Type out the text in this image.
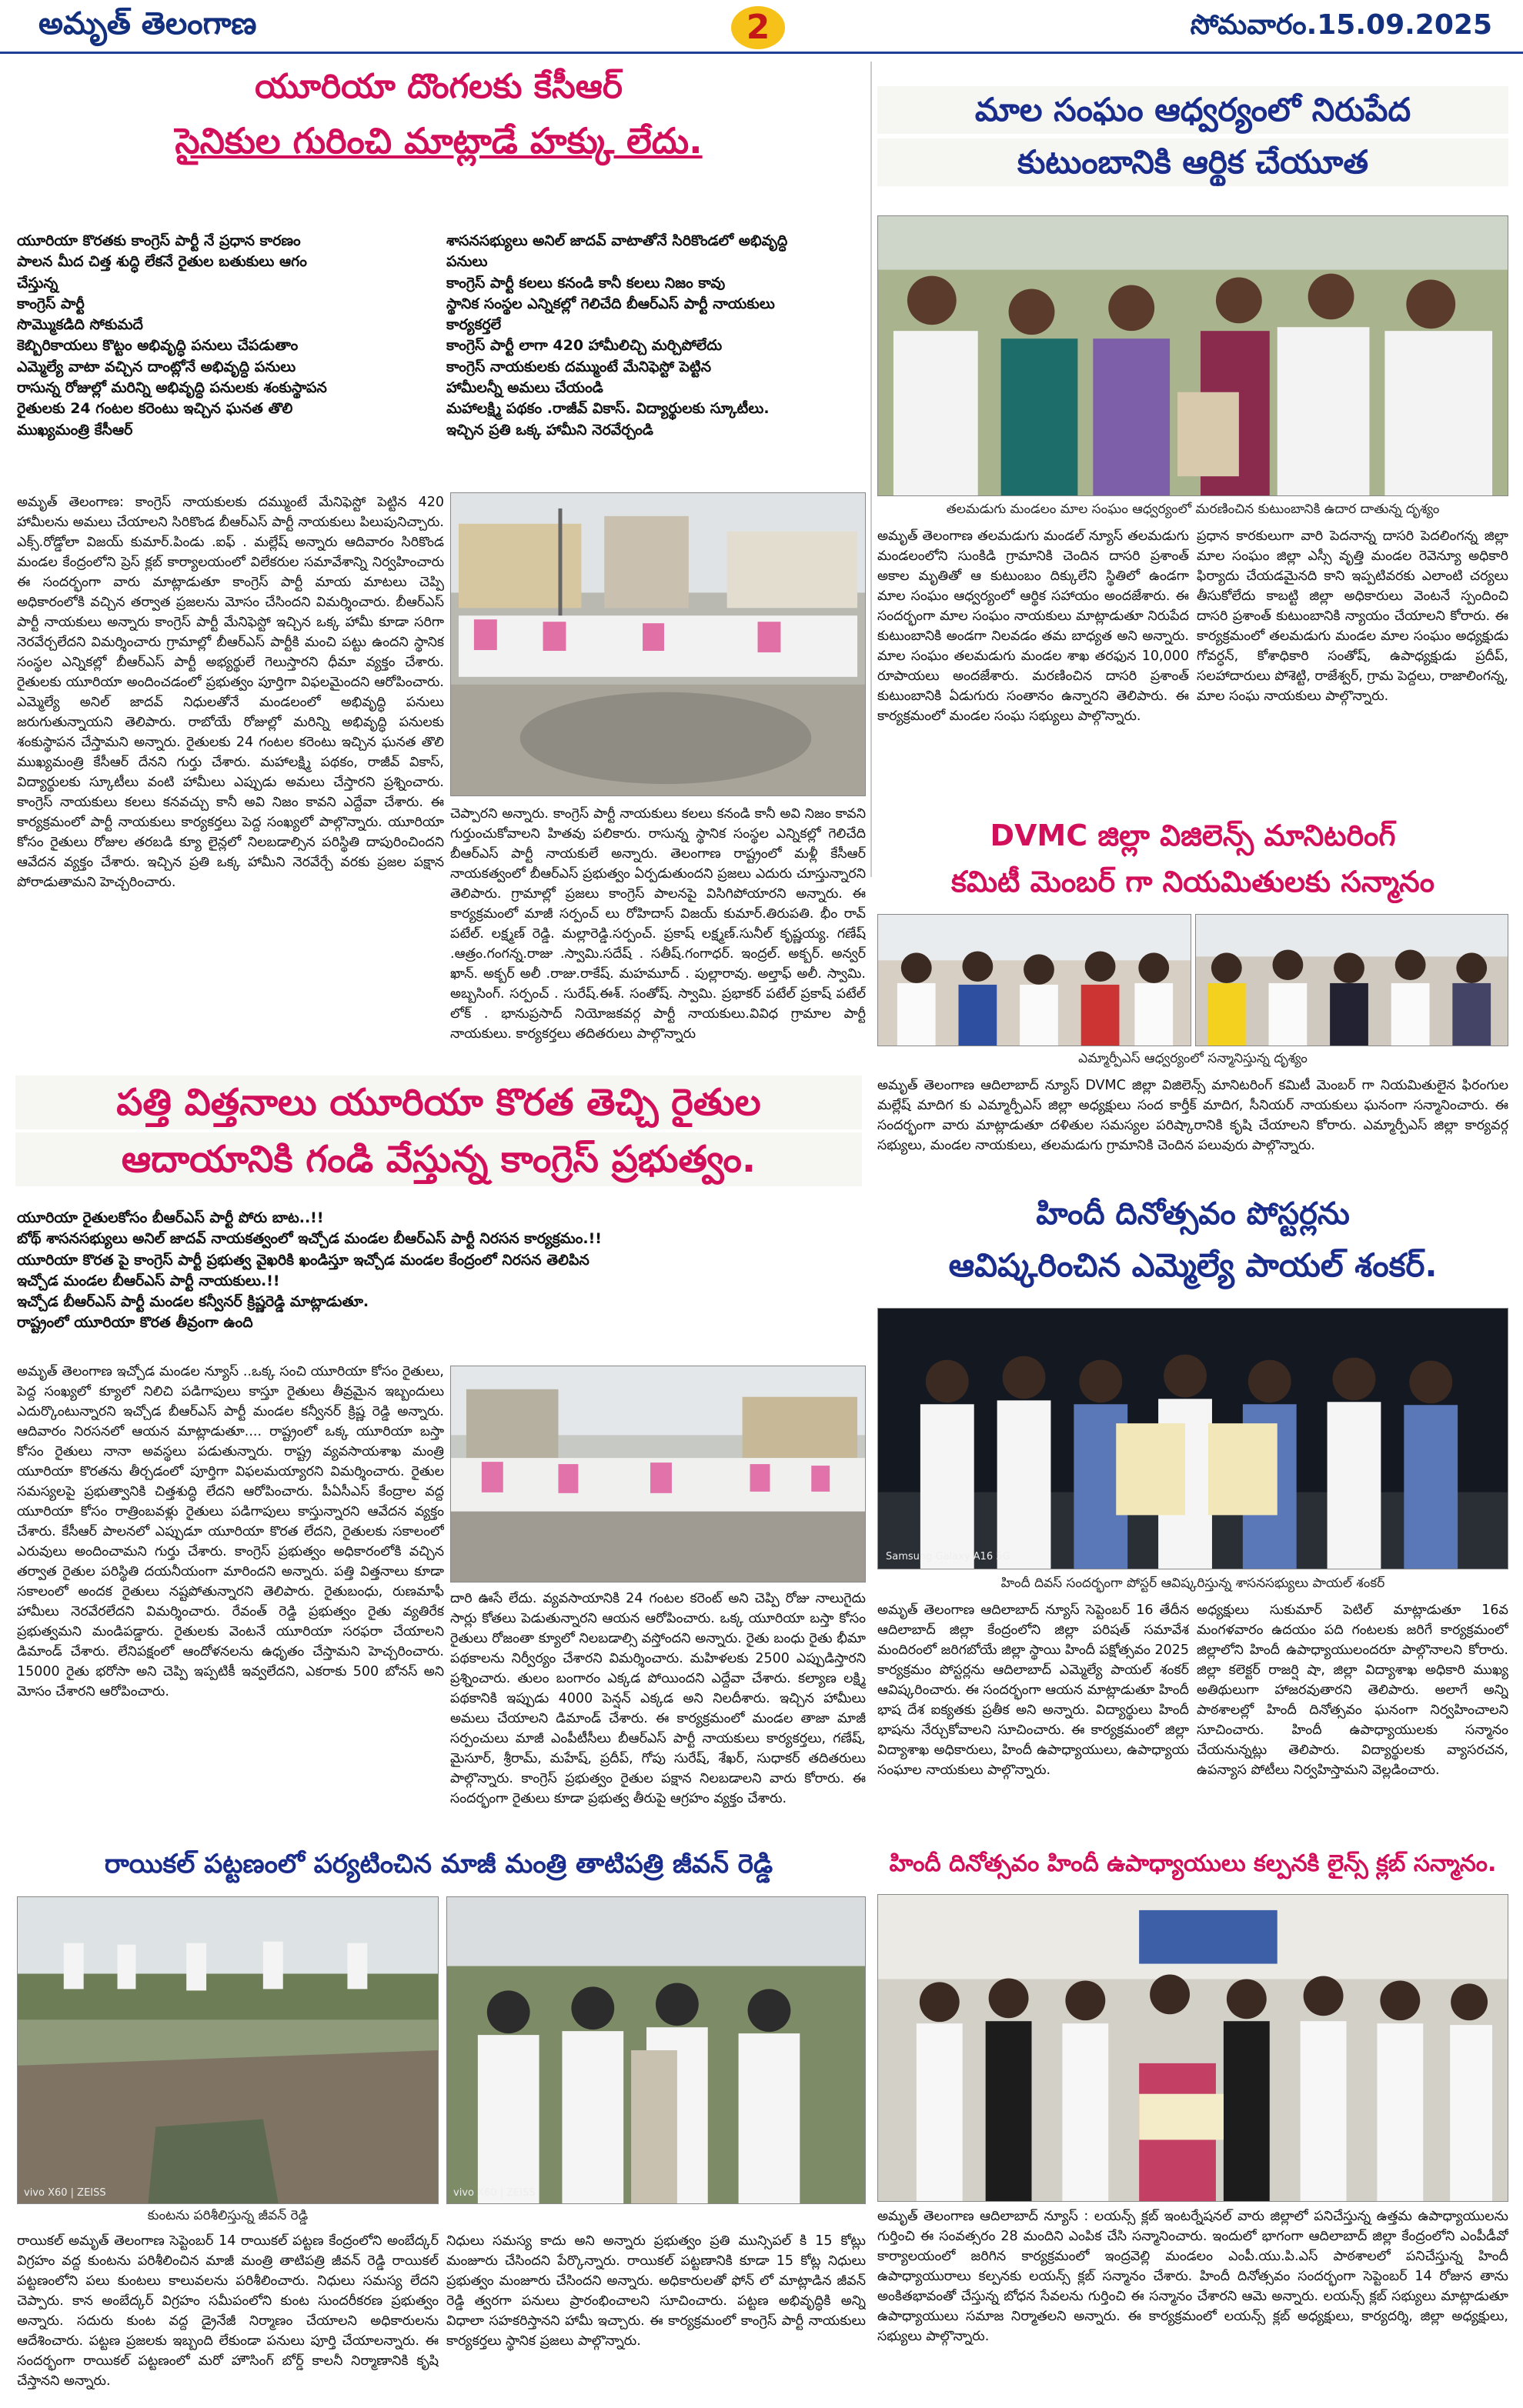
అమృత్ తెలంగాణ	2	సోమవారం.15.09.2025
యూరియా దొంగలకు కేసీఆర్
సైనికుల గురించి మాట్లాడే హక్కు లేదు.
యూరియా కొరతకు కాంగ్రెస్ పార్టీ నే ప్రధాన కారణం
పాలన మీద చిత్త శుద్ధి లేకనే రైతుల బతుకులు ఆగం
చేస్తున్న
కాంగ్రెస్ పార్టీ
సొమ్మొకడిది సోకుమదే
కెబ్బిరికాయలు కొట్టం అభివృద్ధి పనులు చేపడుతాం
ఎమ్మెల్యే వాటా వచ్చిన దాంట్లోనే అభివృద్ధి పనులు
రాసున్న రోజుల్లో మరిన్ని అభివృద్ధి పనులకు శంకుస్థాపన
రైతులకు 24 గంటల కరెంటు ఇచ్చిన ఘనత తొలి
ముఖ్యమంత్రి కేసీఆర్
శాసనసభ్యులు అనిల్ జాదవ్ వాటాతోనే సిరికొండలో అభివృద్ధి
పనులు
కాంగ్రెస్ పార్టీ కలలు కనండి కానీ కలలు నిజం కావు
స్థానిక సంస్థల ఎన్నికల్లో గెలిచేది బీఆర్ఎస్ పార్టీ నాయకులు
కార్యకర్తలే
కాంగ్రెస్ పార్టీ లాగా 420 హామీలిచ్చి మర్చిపోలేదు
కాంగ్రెస్ నాయకులకు దమ్ముంటే మేనిఫెస్టో పెట్టిన
హామీలన్నీ అమలు చేయండి
మహాలక్ష్మి పథకం .రాజీవ్ వికాస్. విద్యార్థులకు స్కూటీలు.
ఇచ్చిన ప్రతి ఒక్క హామీని నెరవేర్చండి
అమృత్ తెలంగాణ: కాంగ్రెస్ నాయకులకు దమ్ముంటే మేనిఫెస్టో పెట్టిన 420 హామీలను అమలు చేయాలని సిరికొండ బీఆర్ఎస్ పార్టీ నాయకులు పిలుపునిచ్చారు. ఎక్స్.రోడ్డోలా విజయ్ కుమార్.పిండు .ఐఫ్ . మల్లేష్ అన్నారు ఆదివారం సిరికొండ మండల కేంద్రంలోని ప్రెస్ క్లబ్ కార్యాలయంలో విలేకరుల సమావేశాన్ని నిర్వహించారు ఈ సందర్భంగా వారు మాట్లాడుతూ కాంగ్రెస్ పార్టీ మాయ మాటలు చెప్పి అధికారంలోకి వచ్చిన తర్వాత ప్రజలను మోసం చేసిందని విమర్శించారు. బీఆర్ఎస్ పార్టీ నాయకులు అన్నారు కాంగ్రెస్ పార్టీ మేనిఫెస్టో ఇచ్చిన ఒక్క హామీ కూడా సరిగా నెరవేర్చలేదని విమర్శించారు గ్రామాల్లో బీఆర్ఎస్ పార్టీకి మంచి పట్టు ఉందని స్థానిక సంస్థల ఎన్నికల్లో బీఆర్ఎస్ పార్టీ అభ్యర్థులే గెలుస్తారని ధీమా వ్యక్తం చేశారు. రైతులకు యూరియా అందించడంలో ప్రభుత్వం పూర్తిగా విఫలమైందని ఆరోపించారు. ఎమ్మెల్యే అనిల్ జాదవ్ నిధులతోనే మండలంలో అభివృద్ధి పనులు జరుగుతున్నాయని తెలిపారు. రాబోయే రోజుల్లో మరిన్ని అభివృద్ధి పనులకు శంకుస్థాపన చేస్తామని అన్నారు. రైతులకు 24 గంటల కరెంటు ఇచ్చిన ఘనత తొలి ముఖ్యమంత్రి కేసీఆర్ దేనని గుర్తు చేశారు. మహాలక్ష్మి పథకం, రాజీవ్ వికాస్, విద్యార్థులకు స్కూటీలు వంటి హామీలు ఎప్పుడు అమలు చేస్తారని ప్రశ్నించారు. కాంగ్రెస్ నాయకులు కలలు కనవచ్చు కానీ అవి నిజం కావని ఎద్దేవా చేశారు. ఈ కార్యక్రమంలో పార్టీ నాయకులు కార్యకర్తలు పెద్ద సంఖ్యలో పాల్గొన్నారు. యూరియా కోసం రైతులు రోజుల తరబడి క్యూ లైన్లలో నిలబడాల్సిన పరిస్థితి దాపురించిందని ఆవేదన వ్యక్తం చేశారు. ఇచ్చిన ప్రతి ఒక్క హామీని నెరవేర్చే వరకు ప్రజల పక్షాన పోరాడుతామని హెచ్చరించారు.
చెప్పారని అన్నారు. కాంగ్రెస్ పార్టీ నాయకులు కలలు కనండి కానీ అవి నిజం కావని గుర్తుంచుకోవాలని హితవు పలికారు. రాసున్న స్థానిక సంస్థల ఎన్నికల్లో గెలిచేది బీఆర్ఎస్ పార్టీ నాయకులే అన్నారు. తెలంగాణ రాష్ట్రంలో మళ్లీ కేసీఆర్ నాయకత్వంలో బీఆర్ఎస్ ప్రభుత్వం ఏర్పడుతుందని ప్రజలు ఎదురు చూస్తున్నారని తెలిపారు. గ్రామాల్లో ప్రజలు కాంగ్రెస్ పాలనపై విసిగిపోయారని అన్నారు. ఈ కార్యక్రమంలో మాజీ సర్పంచ్ లు రోహిదాస్ విజయ్ కుమార్.తిరుపతి. భీం రావ్ పటేల్. లక్ష్మణ్ రెడ్డి. మల్లారెడ్డి.సర్పంచ్. ప్రకాష్ లక్ష్మణ్.సునీల్ కృష్ణయ్య. గణేష్ .ఆత్రం.గంగన్న.రాజు .స్వామి.సదేష్ . సతీష్.గంగాధర్. ఇంద్రల్. అక్బర్. అన్వర్ ఖాన్. అక్బర్ అలీ .రాజు.రాకేష్. మహమూద్ . పుల్లారావు. అల్తాఫ్ అలీ. స్వామి. అబ్బసింగ్. సర్పంచ్ . సురేష్.ఈశ్. సంతోష్. స్వామి. ప్రభాకర్ పటేల్ ప్రకాష్ పటేల్ లోక్ . భానుప్రసాద్ నియోజకవర్గ పార్టీ నాయకులు.వివిధ గ్రామాల పార్టీ నాయకులు. కార్యకర్తలు తదితరులు పాల్గొన్నారు
పత్తి విత్తనాలు యూరియా కొరత తెచ్చి రైతుల
ఆదాయానికి గండి వేస్తున్న కాంగ్రెస్ ప్రభుత్వం.
యూరియా రైతులకోసం బీఆర్ఎస్ పార్టీ పోరు బాట..!!
బోథ్ శాసనసభ్యులు అనిల్ జాదవ్ నాయకత్వంలో ఇచ్చోడ మండల బీఆర్ఎస్ పార్టీ నిరసన కార్యక్రమం.!!
యూరియా కొరత పై కాంగ్రెస్ పార్టీ ప్రభుత్వ వైఖరికి ఖండిస్తూ ఇచ్చోడ మండల కేంద్రంలో నిరసన తెలిపిన
ఇచ్చోడ మండల బీఆర్ఎస్ పార్టీ నాయకులు.!!
ఇచ్చోడ బీఆర్ఎస్ పార్టీ మండల కన్వీనర్ క్రిష్ణరెడ్డి మాట్లాడుతూ.
రాష్ట్రంలో యూరియా కొరత తీవ్రంగా ఉంది
అమృత్ తెలంగాణ ఇచ్చోడ మండల న్యూస్ ..ఒక్క సంచి యూరియా కోసం రైతులు, పెద్ద సంఖ్యలో క్యూలో నిలిచి పడిగాపులు కాస్తూ రైతులు తీవ్రమైన ఇబ్బందులు ఎదుర్కొంటున్నారని ఇచ్చోడ బీఆర్ఎస్ పార్టీ మండల కన్వీనర్ క్రిష్ణ రెడ్డి అన్నారు. ఆదివారం నిరసనలో ఆయన మాట్లాడుతూ.... రాష్ట్రంలో ఒక్క యూరియా బస్తా కోసం రైతులు నానా అవస్థలు పడుతున్నారు. రాష్ట్ర వ్యవసాయశాఖ మంత్రి యూరియా కొరతను తీర్చడంలో పూర్తిగా విఫలమయ్యారని విమర్శించారు. రైతుల సమస్యలపై ప్రభుత్వానికి చిత్తశుద్ధి లేదని ఆరోపించారు. పీఏసీఎస్ కేంద్రాల వద్ద యూరియా కోసం రాత్రింబవళ్లు రైతులు పడిగాపులు కాస్తున్నారని ఆవేదన వ్యక్తం చేశారు. కేసీఆర్ పాలనలో ఎప్పుడూ యూరియా కొరత లేదని, రైతులకు సకాలంలో ఎరువులు అందించామని గుర్తు చేశారు. కాంగ్రెస్ ప్రభుత్వం అధికారంలోకి వచ్చిన తర్వాత రైతుల పరిస్థితి దయనీయంగా మారిందని అన్నారు. పత్తి విత్తనాలు కూడా సకాలంలో అందక రైతులు నష్టపోతున్నారని తెలిపారు. రైతుబంధు, రుణమాఫీ హామీలు నెరవేరలేదని విమర్శించారు. రేవంత్ రెడ్డి ప్రభుత్వం రైతు వ్యతిరేక ప్రభుత్వమని మండిపడ్డారు. రైతులకు వెంటనే యూరియా సరఫరా చేయాలని డిమాండ్ చేశారు. లేనిపక్షంలో ఆందోళనలను ఉధృతం చేస్తామని హెచ్చరించారు. 15000 రైతు భరోసా అని చెప్పి ఇప్పటికీ ఇవ్వలేదని, ఎకరాకు 500 బోనస్ అని మోసం చేశారని ఆరోపించారు.
దారి ఊసే లేదు. వ్యవసాయానికి 24 గంటల కరెంట్ అని చెప్పి రోజు నాలుగైదు సార్లు కోతలు పెడుతున్నారని ఆయన ఆరోపించారు. ఒక్క యూరియా బస్తా కోసం రైతులు రోజంతా క్యూలో నిలబడాల్సి వస్తోందని అన్నారు. రైతు బంధు రైతు భీమా పథకాలను నిర్వీర్యం చేశారని విమర్శించారు. మహిళలకు 2500 ఎప్పుడిస్తారని ప్రశ్నించారు. తులం బంగారం ఎక్కడ పోయిందని ఎద్దేవా చేశారు. కల్యాణ లక్ష్మి పథకానికి ఇప్పుడు 4000 పెన్షన్ ఎక్కడ అని నిలదీశారు. ఇచ్చిన హామీలు అమలు చేయాలని డిమాండ్ చేశారు. ఈ కార్యక్రమంలో మండల తాజా మాజీ సర్పంచులు మాజీ ఎంపీటీసీలు బీఆర్ఎస్ పార్టీ నాయకులు కార్యకర్తలు, గణేష్, మైసూర్, శ్రీరామ్, మహేష్, ప్రదీప్, గోపు సురేష్, శేఖర్, సుధాకర్ తదితరులు పాల్గొన్నారు. కాంగ్రెస్ ప్రభుత్వం రైతుల పక్షాన నిలబడాలని వారు కోరారు. ఈ సందర్భంగా రైతులు కూడా ప్రభుత్వ తీరుపై ఆగ్రహం వ్యక్తం చేశారు.
రాయికల్ పట్టణంలో పర్యటించిన మాజీ మంత్రి తాటిపత్రి జీవన్ రెడ్డి
vivo X60 | ZEISS	vivo X60 | ZEISS
కుంటను పరిశీలిస్తున్న జీవన్ రెడ్డి
రాయికల్ అమృత్ తెలంగాణ సెప్టెంబర్ 14 రాయికల్ పట్టణ కేంద్రంలోని అంబేద్కర్ విగ్రహం వద్ద కుంటను పరిశీలించిన మాజీ మంత్రి తాటిపత్రి జీవన్ రెడ్డి రాయికల్ పట్టణంలోని పలు కుంటలు కాలువలను పరిశీలించారు. నిధులు సమస్య లేదని చెప్పారు. కాన అంబేద్కర్ విగ్రహం సమీపంలోని కుంట సుందరీకరణ ప్రభుత్వం అన్నారు. సదురు కుంట వద్ద డ్రైనేజీ నిర్మాణం చేయాలని అధికారులను ఆదేశించారు. పట్టణ ప్రజలకు ఇబ్బంది లేకుండా పనులు పూర్తి చేయాలన్నారు. ఈ సందర్భంగా రాయికల్ పట్టణంలో మరో హౌసింగ్ బోర్డ్ కాలనీ నిర్మాణానికి కృషి చేస్తానని అన్నారు.
నిధులు సమస్య కాదు అని అన్నారు ప్రభుత్వం ప్రతి మున్సిపల్ కి 15 కోట్లు మంజూరు చేసిందని పేర్కొన్నారు. రాయికల్ పట్టణానికి కూడా 15 కోట్ల నిధులు ప్రభుత్వం మంజూరు చేసిందని అన్నారు. అధికారులతో ఫోన్ లో మాట్లాడిన జీవన్ రెడ్డి త్వరగా పనులు ప్రారంభించాలని సూచించారు. పట్టణ అభివృద్ధికి అన్ని విధాలా సహకరిస్తానని హామీ ఇచ్చారు. ఈ కార్యక్రమంలో కాంగ్రెస్ పార్టీ నాయకులు కార్యకర్తలు స్థానిక ప్రజలు పాల్గొన్నారు.
మాల సంఘం ఆధ్వర్యంలో నిరుపేద
కుటుంబానికి ఆర్థిక చేయూత
తలమడుగు మండలం మాల సంఘం ఆధ్వర్యంలో మరణించిన కుటుంబానికి ఉదార దాతున్న దృశ్యం
అమృత్ తెలంగాణ తలమడుగు మండల్ న్యూస్ తలమడుగు మండలంలోని సుంకిడి గ్రామానికి చెందిన దాసరి ప్రశాంత్ అకాల మృతితో ఆ కుటుంబం దిక్కులేని స్థితిలో ఉండగా మాల సంఘం ఆధ్వర్యంలో ఆర్థిక సహాయం అందజేశారు. ఈ సందర్భంగా మాల సంఘం నాయకులు మాట్లాడుతూ నిరుపేద కుటుంబానికి అండగా నిలవడం తమ బాధ్యత అని అన్నారు. మాల సంఘం తలమడుగు మండల శాఖ తరఫున 10,000 రూపాయలు అందజేశారు. మరణించిన దాసరి ప్రశాంత్ కుటుంబానికి ఏడుగురు సంతానం ఉన్నారని తెలిపారు. ఈ కార్యక్రమంలో మండల సంఘ సభ్యులు పాల్గొన్నారు.
ప్రధాన కారకులుగా వారి పెదనాన్న దాసరి పెదలింగన్న జిల్లా మాల సంఘం జిల్లా ఎస్సీ వృత్తి మండల రెవెన్యూ అధికారి ఫిర్యాదు చేయడమైనది కాని ఇప్పటివరకు ఎలాంటి చర్యలు తీసుకోలేదు కాబట్టి జిల్లా అధికారులు వెంటనే స్పందించి దాసరి ప్రశాంత్ కుటుంబానికి న్యాయం చేయాలని కోరారు. ఈ కార్యక్రమంలో తలమడుగు మండల మాల సంఘం అధ్యక్షుడు గోవర్ధన్, కోశాధికారి సంతోష్, ఉపాధ్యక్షుడు ప్రదీప్, సలహాదారులు పోశెట్టి, రాజేశ్వర్, గ్రామ పెద్దలు, రాజాలింగన్న, మాల సంఘ నాయకులు పాల్గొన్నారు.
DVMC జిల్లా విజిలెన్స్ మానిటరింగ్
కమిటీ మెంబర్ గా నియమితులకు సన్మానం
ఎమ్మార్పీఎస్ ఆధ్వర్యంలో సన్మానిస్తున్న దృశ్యం
అమృత్ తెలంగాణ ఆదిలాబాద్ న్యూస్ DVMC జిల్లా విజిలెన్స్ మానిటరింగ్ కమిటీ మెంబర్ గా నియమితులైన ఫిరంగుల మల్లేష్ మాదిగ కు ఎమ్మార్పీఎస్ జిల్లా అధ్యక్షులు సంద కార్తీక్ మాదిగ, సీనియర్ నాయకులు ఘనంగా సన్మానించారు. ఈ సందర్భంగా వారు మాట్లాడుతూ దళితుల సమస్యల పరిష్కారానికి కృషి చేయాలని కోరారు. ఎమ్మార్పీఎస్ జిల్లా కార్యవర్గ సభ్యులు, మండల నాయకులు, తలమడుగు గ్రామానికి చెందిన పలువురు పాల్గొన్నారు.
హిందీ దినోత్సవం పోస్టర్లను
ఆవిష్కరించిన ఎమ్మెల్యే పాయల్ శంకర్.
Samsung Galaxy A16 5G
హిందీ దివస్ సందర్భంగా పోస్టర్ ఆవిష్కరిస్తున్న శాసనసభ్యులు పాయల్ శంకర్
అమృత్ తెలంగాణ ఆదిలాబాద్ న్యూస్ సెప్టెంబర్ 16 తేదీన ఆదిలాబాద్ జిల్లా కేంద్రంలోని జిల్లా పరిషత్ సమావేశ మందిరంలో జరిగబోయే జిల్లా స్థాయి హిందీ పక్షోత్సవం 2025 కార్యక్రమం పోస్టర్లను ఆదిలాబాద్ ఎమ్మెల్యే పాయల్ శంకర్ ఆవిష్కరించారు. ఈ సందర్భంగా ఆయన మాట్లాడుతూ హిందీ భాష దేశ ఐక్యతకు ప్రతీక అని అన్నారు. విద్యార్థులు హిందీ భాషను నేర్చుకోవాలని సూచించారు. ఈ కార్యక్రమంలో జిల్లా విద్యాశాఖ అధికారులు, హిందీ ఉపాధ్యాయులు, ఉపాధ్యాయ సంఘాల నాయకులు పాల్గొన్నారు.
అధ్యక్షులు సుకుమార్ పెటిల్ మాట్లాడుతూ 16వ మంగళవారం ఉదయం పది గంటలకు జరిగే కార్యక్రమంలో జిల్లాలోని హిందీ ఉపాధ్యాయులందరూ పాల్గొనాలని కోరారు. జిల్లా కలెక్టర్ రాజర్షి షా, జిల్లా విద్యాశాఖ అధికారి ముఖ్య అతిథులుగా హాజరవుతారని తెలిపారు. అలాగే అన్ని పాఠశాలల్లో హిందీ దినోత్సవం ఘనంగా నిర్వహించాలని సూచించారు. హిందీ ఉపాధ్యాయులకు సన్మానం చేయనున్నట్లు తెలిపారు. విద్యార్థులకు వ్యాసరచన, ఉపన్యాస పోటీలు నిర్వహిస్తామని వెల్లడించారు.
హిందీ దినోత్సవం హిందీ ఉపాధ్యాయులు కల్పనకి లైన్స్ క్లబ్ సన్మానం.
అమృత్ తెలంగాణ ఆదిలాబాద్ న్యూస్ : లయన్స్ క్లబ్ ఇంటర్నేషనల్ వారు జిల్లాలో పనిచేస్తున్న ఉత్తమ ఉపాధ్యాయులను గుర్తించి ఈ సంవత్సరం 28 మందిని ఎంపిక చేసి సన్మానించారు. ఇందులో భాగంగా ఆదిలాబాద్ జిల్లా కేంద్రంలోని ఎంపీడీవో కార్యాలయంలో జరిగిన కార్యక్రమంలో ఇంద్రవెల్లి మండలం ఎంపీ.యు.పి.ఎస్ పాఠశాలలో పనిచేస్తున్న హిందీ ఉపాధ్యాయురాలు కల్పనకు లయన్స్ క్లబ్ సన్మానం చేశారు. హిందీ దినోత్సవం సందర్భంగా సెప్టెంబర్ 14 రోజున తాను అంకితభావంతో చేస్తున్న బోధన సేవలను గుర్తించి ఈ సన్మానం చేశారని ఆమె అన్నారు. లయన్స్ క్లబ్ సభ్యులు మాట్లాడుతూ ఉపాధ్యాయులు సమాజ నిర్మాతలని అన్నారు. ఈ కార్యక్రమంలో లయన్స్ క్లబ్ అధ్యక్షులు, కార్యదర్శి, జిల్లా అధ్యక్షులు, సభ్యులు పాల్గొన్నారు.
